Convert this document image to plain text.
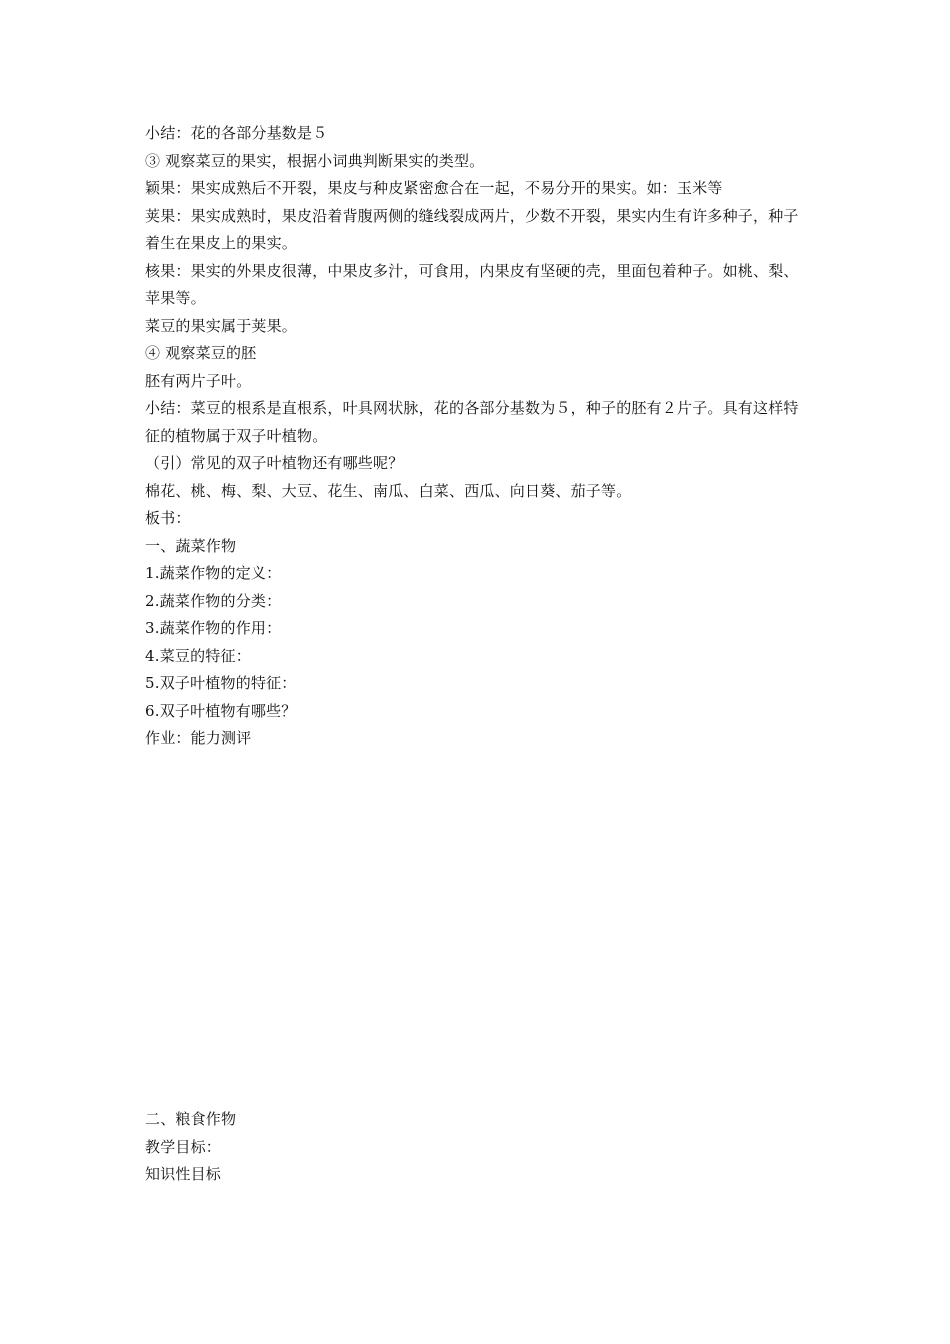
小结：花的各部分基数是５

③ 观察菜豆的果实，根据小词典判断果实的类型。

颖果：果实成熟后不开裂，果皮与种皮紧密愈合在一起，不易分开的果实。如：玉米等

荚果：果实成熟时，果皮沿着背腹两侧的缝线裂成两片，少数不开裂，果实内生有许多种子，种子着生在果皮上的果实。

核果：果实的外果皮很薄，中果皮多汁，可食用，内果皮有坚硬的壳，里面包着种子。如桃、梨、苹果等。

菜豆的果实属于荚果。

④ 观察菜豆的胚

胚有两片子叶。

小结：菜豆的根系是直根系，叶具网状脉，花的各部分基数为５，种子的胚有２片子。具有这样特征的植物属于双子叶植物。

（引）常见的双子叶植物还有哪些呢？

棉花、桃、梅、梨、大豆、花生、南瓜、白菜、西瓜、向日葵、茄子等。

板书：

一、蔬菜作物

1.蔬菜作物的定义：

2.蔬菜作物的分类：

3.蔬菜作物的作用：

4.菜豆的特征：

5.双子叶植物的特征：

6.双子叶植物有哪些？

作业：能力测评

二、粮食作物

教学目标：

知识性目标
